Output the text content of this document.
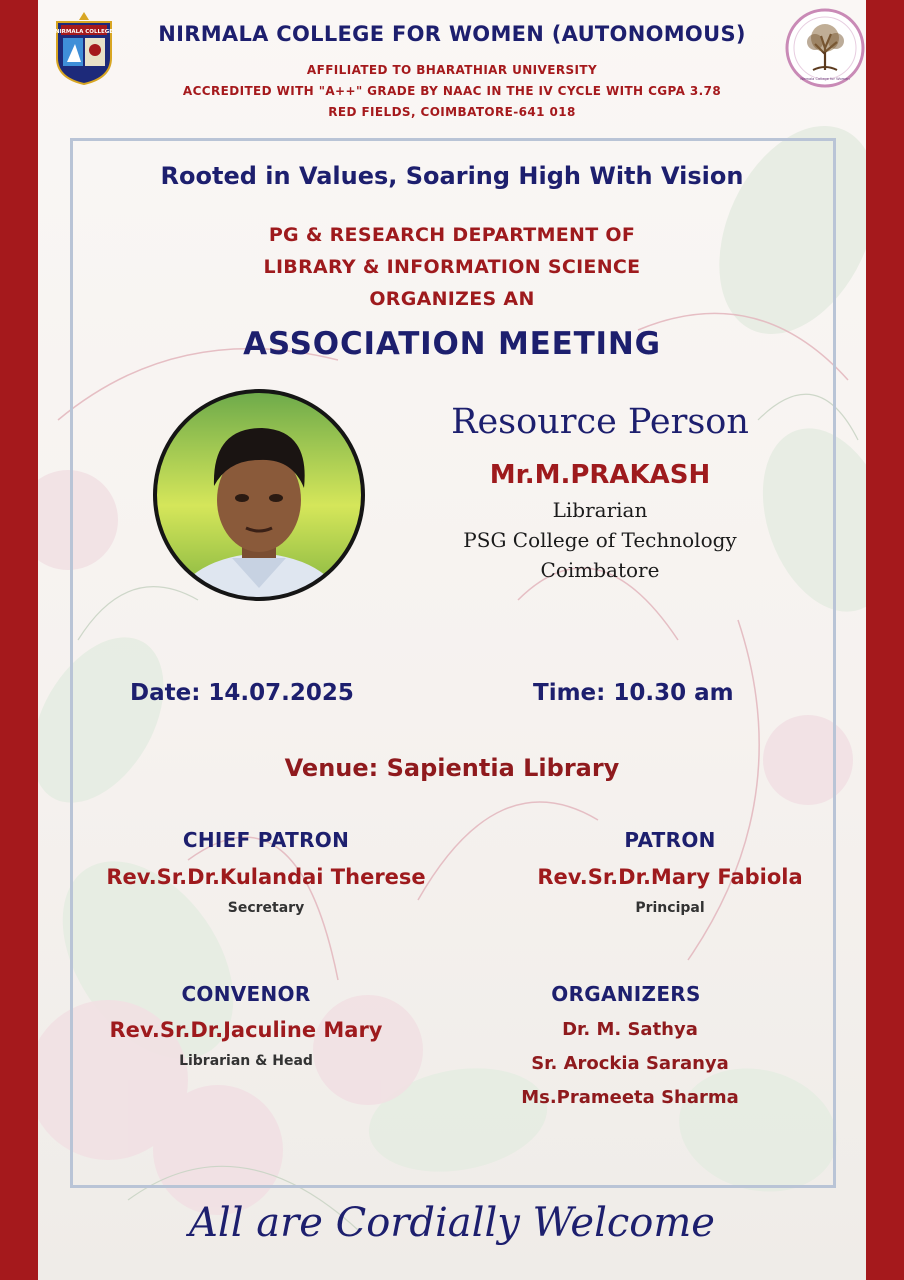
NIRMALA COLLEGE
Nirmala College for Women
NIRMALA COLLEGE FOR WOMEN (AUTONOMOUS)
AFFILIATED TO BHARATHIAR UNIVERSITY
ACCREDITED WITH "A++" GRADE BY NAAC IN THE IV CYCLE WITH CGPA 3.78
RED FIELDS, COIMBATORE-641 018
Rooted in Values, Soaring High With Vision
PG & RESEARCH DEPARTMENT OF
LIBRARY & INFORMATION SCIENCE
ORGANIZES AN
ASSOCIATION MEETING
Resource Person
Mr.M.PRAKASH
Librarian
PSG College of Technology
Coimbatore
Date: 14.07.2025	Time: 10.30 am
Venue: Sapientia Library
CHIEF PATRON
Rev.Sr.Dr.Kulandai Therese
Secretary
PATRON
Rev.Sr.Dr.Mary Fabiola
Principal
CONVENOR
Rev.Sr.Dr.Jaculine Mary
Librarian & Head
ORGANIZERS
Dr. M. Sathya
Sr. Arockia Saranya
Ms.Prameeta Sharma
All are Cordially Welcome
